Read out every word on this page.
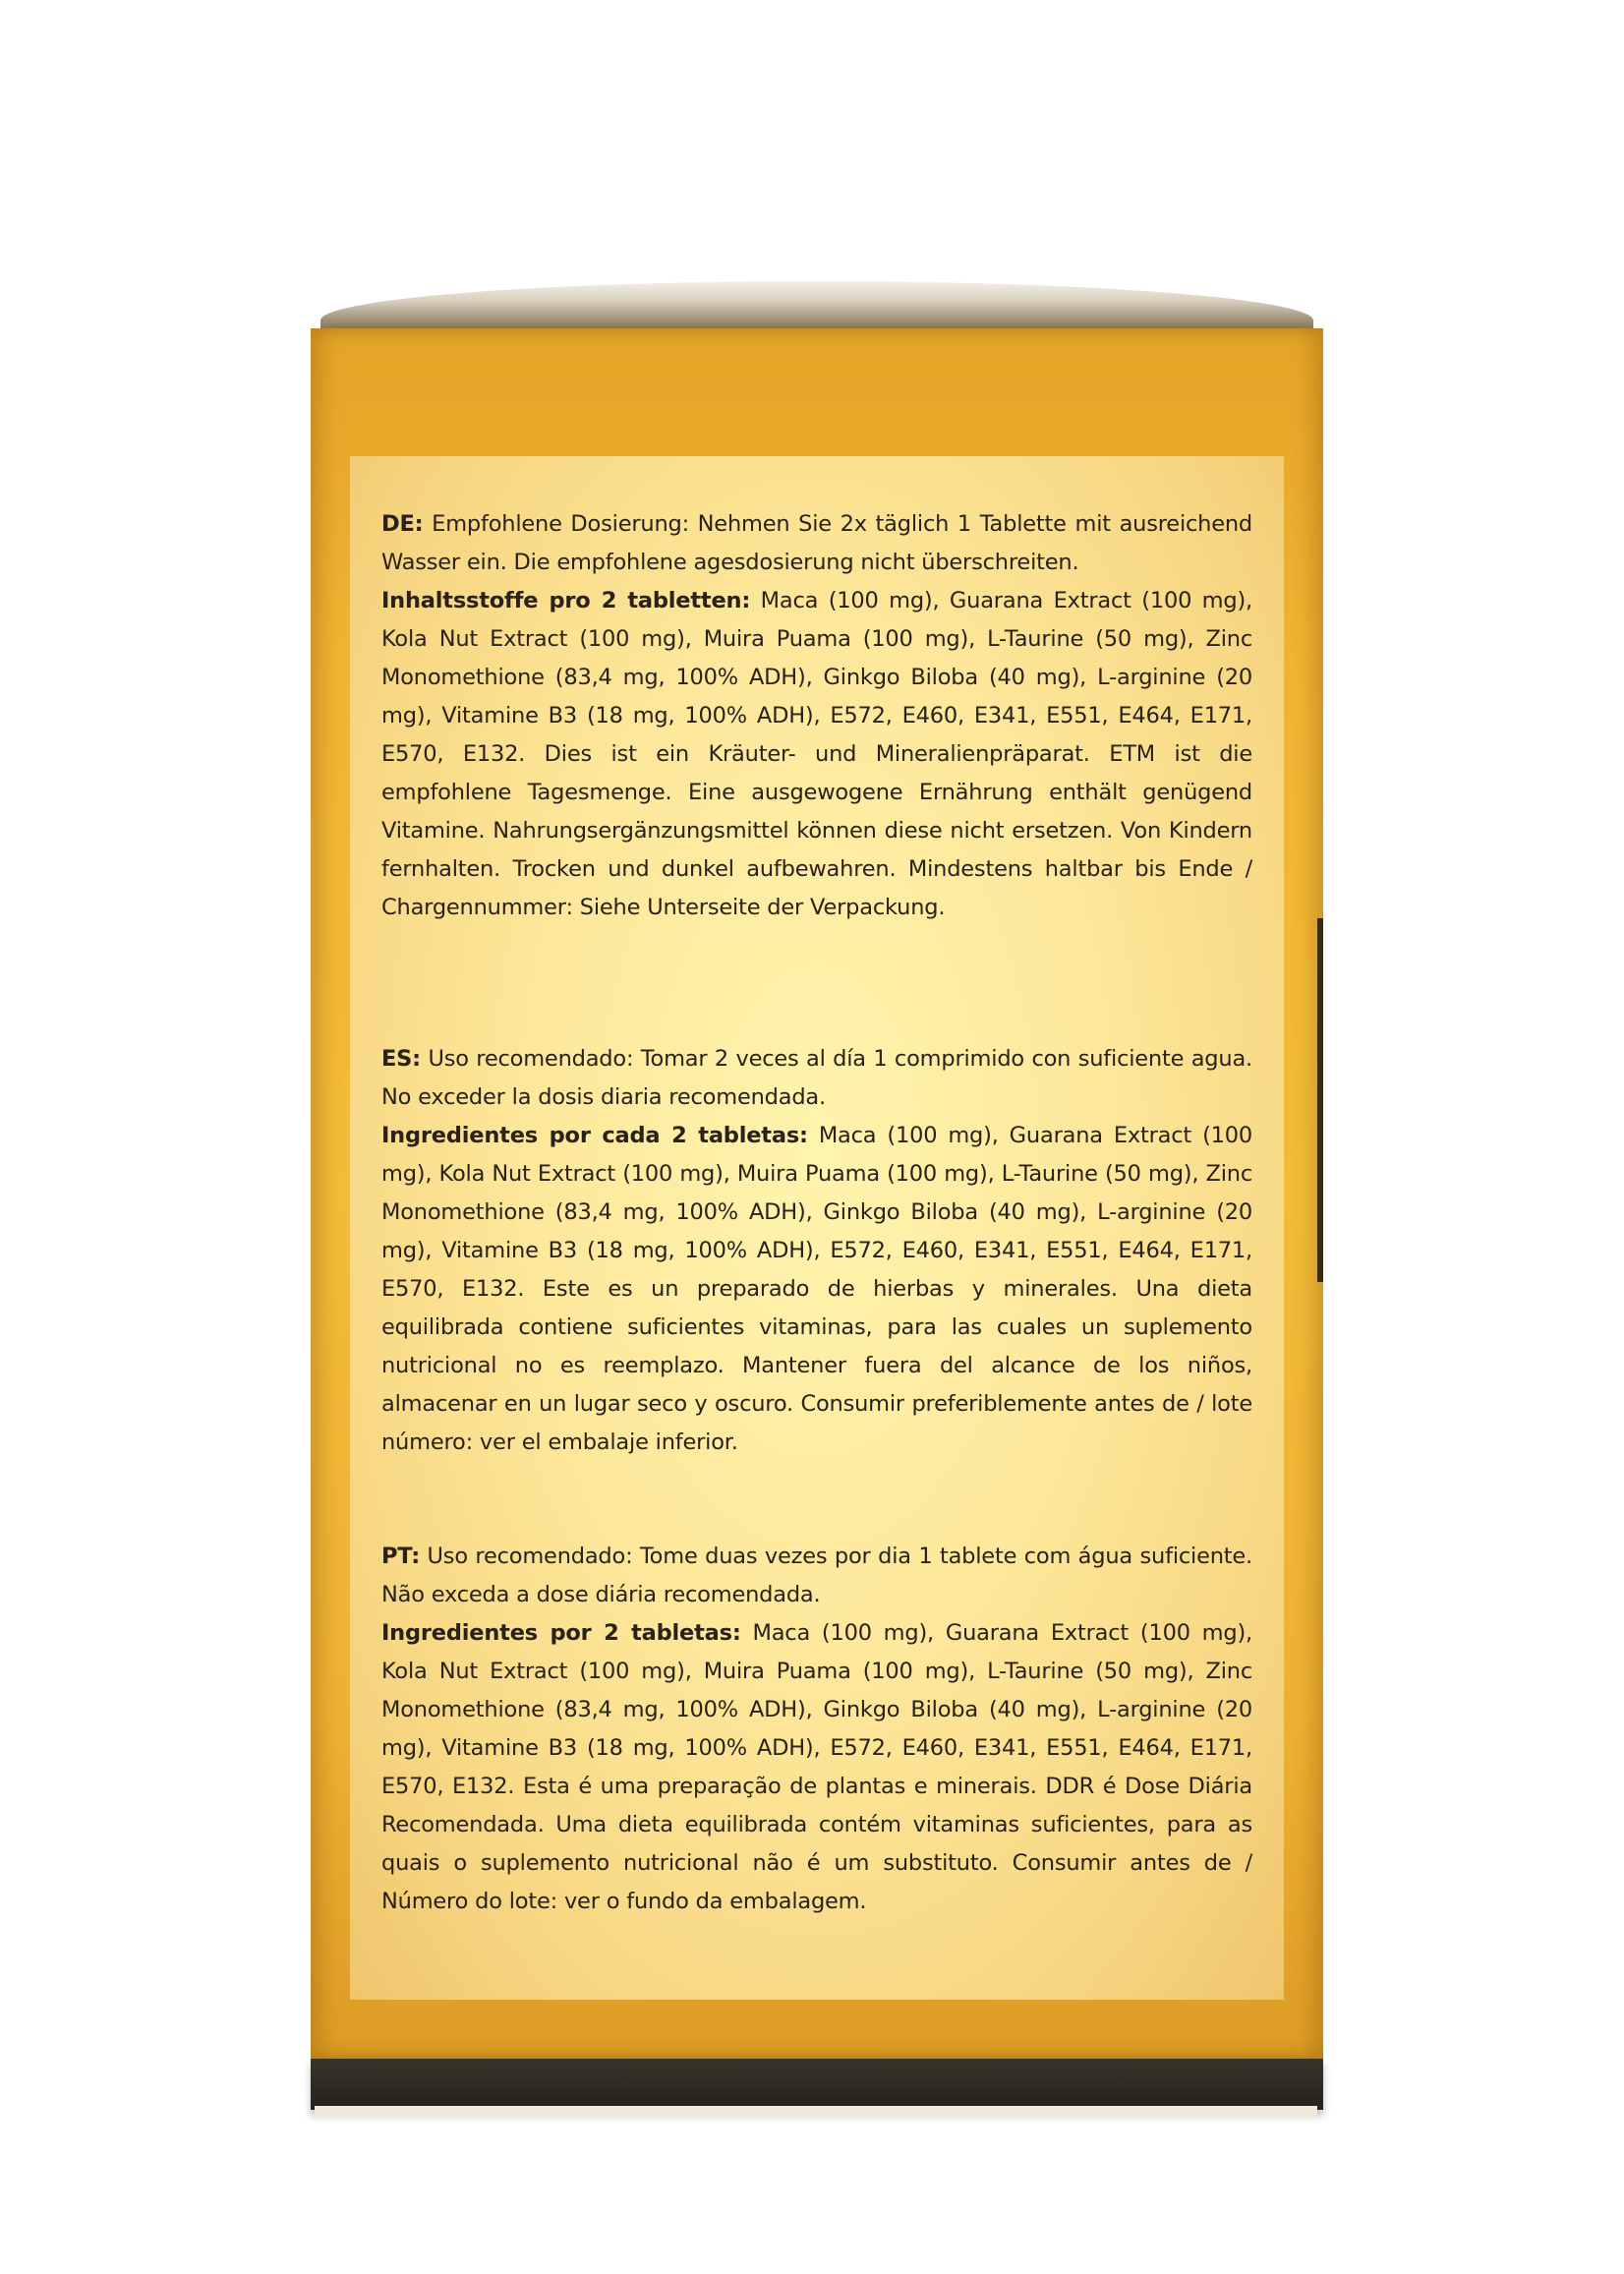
DE: Empfohlene Dosierung: Nehmen Sie 2x täglich 1 Tablette mit ausreichend Wasser ein. Die empfohlene agesdosierung nicht überschreiten.
Inhaltsstoffe pro 2 tabletten: Maca (100 mg), Guarana Extract (100 mg), Kola Nut Extract (100 mg), Muira Puama (100 mg), L-Taurine (50 mg), Zinc Monomethione (83,4 mg, 100% ADH), Ginkgo Biloba (40 mg), L-arginine (20 mg), Vitamine B3 (18 mg, 100% ADH), E572, E460, E341, E551, E464, E171, E570, E132. Dies ist ein Kräuter- und Mineralienpräparat. ETM ist die empfohlene Tagesmenge. Eine ausgewogene Ernährung enthält genügend Vitamine. Nahrungsergänzungsmittel können diese nicht ersetzen. Von Kindern fernhalten. Trocken und dunkel aufbewahren. Mindestens haltbar bis Ende / Chargennummer: Siehe Unterseite der Verpackung.
ES: Uso recomendado: Tomar 2 veces al día 1 comprimido con suficiente agua. No exceder la dosis diaria recomendada.
Ingredientes por cada 2 tabletas: Maca (100 mg), Guarana Extract (100 mg), Kola Nut Extract (100 mg), Muira Puama (100 mg), L-Taurine (50 mg), Zinc Monomethione (83,4 mg, 100% ADH), Ginkgo Biloba (40 mg), L-arginine (20 mg), Vitamine B3 (18 mg, 100% ADH), E572, E460, E341, E551, E464, E171, E570, E132. Este es un preparado de hierbas y minerales. Una dieta equilibrada contiene suficientes vitaminas, para las cuales un suplemento nutricional no es reemplazo. Mantener fuera del alcance de los niños, almacenar en un lugar seco y oscuro. Consumir preferiblemente antes de / lote número: ver el embalaje inferior.
PT: Uso recomendado: Tome duas vezes por dia 1 tablete com água suficiente. Não exceda a dose diária recomendada.
Ingredientes por 2 tabletas: Maca (100 mg), Guarana Extract (100 mg), Kola Nut Extract (100 mg), Muira Puama (100 mg), L-Taurine (50 mg), Zinc Monomethione (83,4 mg, 100% ADH), Ginkgo Biloba (40 mg), L-arginine (20 mg), Vitamine B3 (18 mg, 100% ADH), E572, E460, E341, E551, E464, E171, E570, E132. Esta é uma preparação de plantas e minerais. DDR é Dose Diária Recomendada. Uma dieta equilibrada contém vitaminas suficientes, para as quais o suplemento nutricional não é um substituto. Consumir antes de / Número do lote: ver o fundo da embalagem.
